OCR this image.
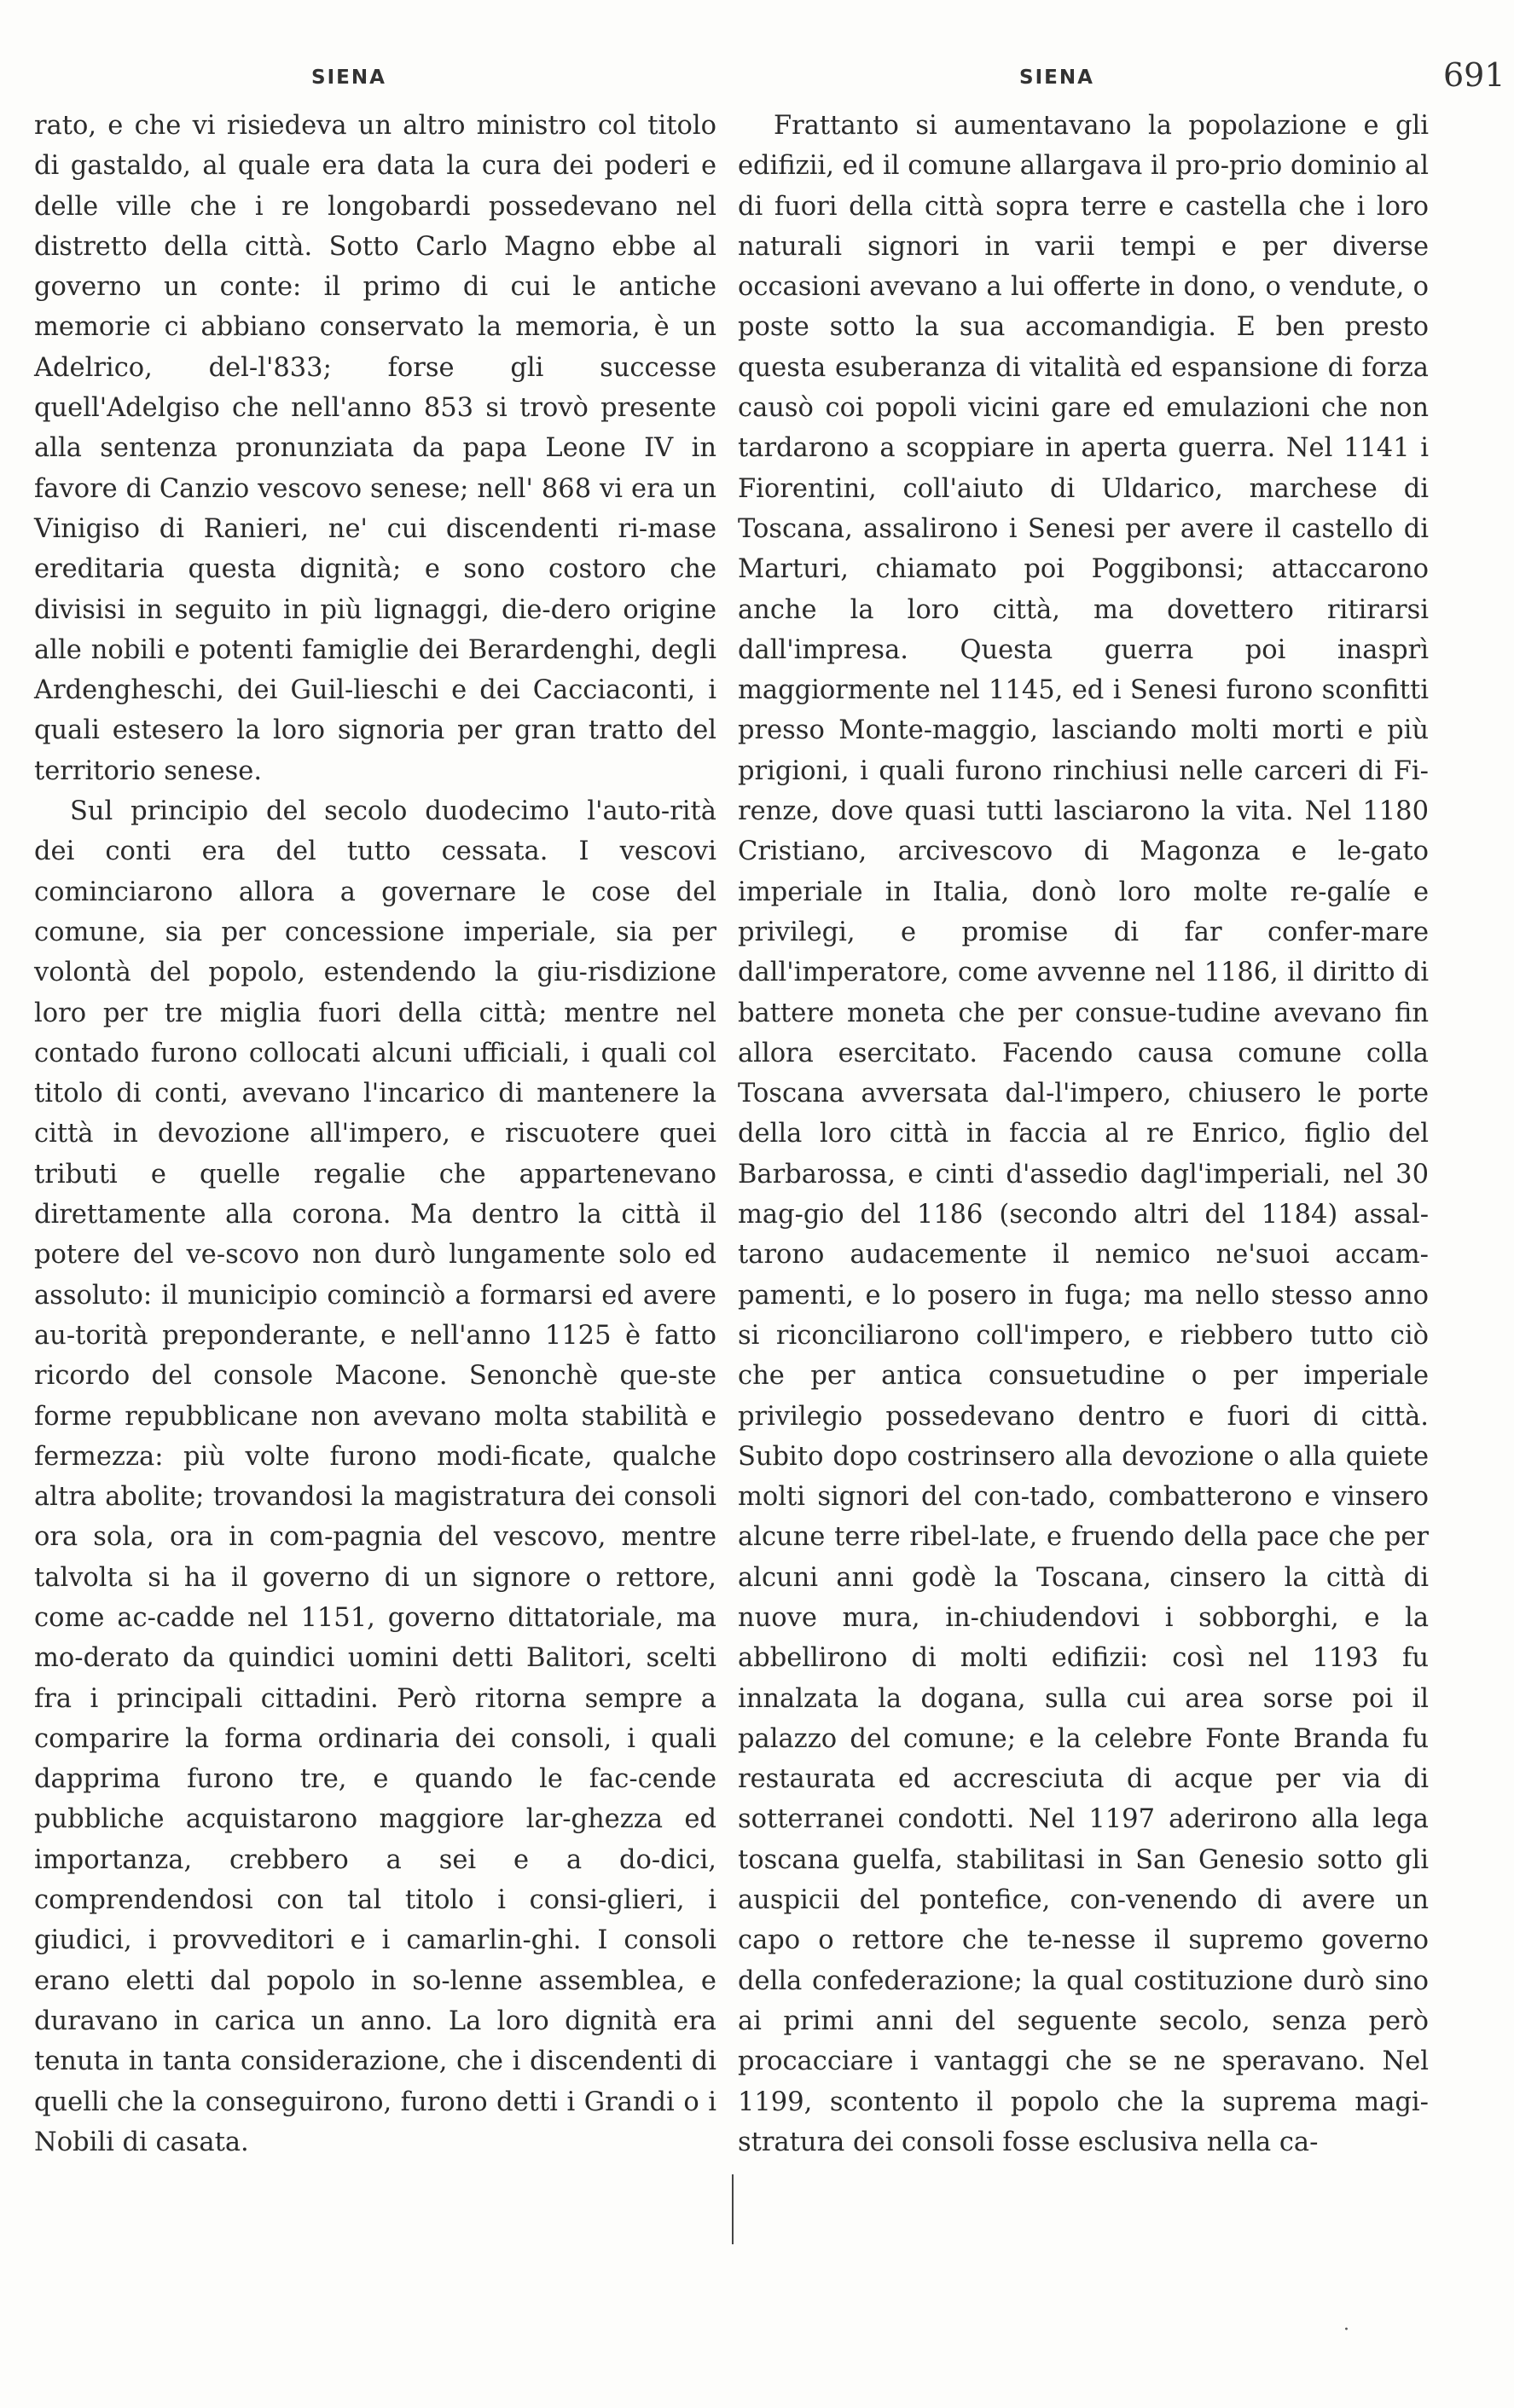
SIENA	SIENA	691

rato, e che vi risiedeva un altro ministro col titolo di gastaldo, al quale era data la cura dei poderi e delle ville che i re longobardi possedevano nel distretto della città. Sotto Carlo Magno ebbe al governo un conte: il primo di cui le antiche memorie ci abbiano conservato la memoria, è un Adelrico, del-l'833; forse gli successe quell'Adelgiso che nell'anno 853 si trovò presente alla sentenza pronunziata da papa Leone IV in favore di Canzio vescovo senese; nell' 868 vi era un Vinigiso di Ranieri, ne' cui discendenti ri-mase ereditaria questa dignità; e sono costoro che divisisi in seguito in più lignaggi, die-dero origine alle nobili e potenti famiglie dei Berardenghi, degli Ardengheschi, dei Guil-lieschi e dei Cacciaconti, i quali estesero la loro signoria per gran tratto del territorio senese.

Sul principio del secolo duodecimo l'auto-rità dei conti era del tutto cessata. I vescovi cominciarono allora a governare le cose del comune, sia per concessione imperiale, sia per volontà del popolo, estendendo la giu-risdizione loro per tre miglia fuori della città; mentre nel contado furono collocati alcuni ufficiali, i quali col titolo di conti, avevano l'incarico di mantenere la città in devozione all'impero, e riscuotere quei tributi e quelle regalie che appartenevano direttamente alla corona. Ma dentro la città il potere del ve-scovo non durò lungamente solo ed assoluto: il municipio cominciò a formarsi ed avere au-torità preponderante, e nell'anno 1125 è fatto ricordo del console Macone. Senonchè que-ste forme repubblicane non avevano molta stabilità e fermezza: più volte furono modi-ficate, qualche altra abolite; trovandosi la magistratura dei consoli ora sola, ora in com-pagnia del vescovo, mentre talvolta si ha il governo di un signore o rettore, come ac-cadde nel 1151, governo dittatoriale, ma mo-derato da quindici uomini detti Balitori, scelti fra i principali cittadini. Però ritorna sempre a comparire la forma ordinaria dei consoli, i quali dapprima furono tre, e quando le fac-cende pubbliche acquistarono maggiore lar-ghezza ed importanza, crebbero a sei e a do-dici, comprendendosi con tal titolo i consi-glieri, i giudici, i provveditori e i camarlin-ghi. I consoli erano eletti dal popolo in so-lenne assemblea, e duravano in carica un anno. La loro dignità era tenuta in tanta considerazione, che i discendenti di quelli che la conseguirono, furono detti i Grandi o i Nobili di casata.

Frattanto si aumentavano la popolazione e gli edifizii, ed il comune allargava il pro-prio dominio al di fuori della città sopra terre e castella che i loro naturali signori in varii tempi e per diverse occasioni avevano a lui offerte in dono, o vendute, o poste sotto la sua accomandigia. E ben presto questa esuberanza di vitalità ed espansione di forza causò coi popoli vicini gare ed emulazioni che non tardarono a scoppiare in aperta guerra. Nel 1141 i Fiorentini, coll'aiuto di Uldarico, marchese di Toscana, assalirono i Senesi per avere il castello di Marturi, chiamato poi Poggibonsi; attaccarono anche la loro città, ma dovettero ritirarsi dall'impresa. Questa guerra poi inasprì maggiormente nel 1145, ed i Senesi furono sconfitti presso Monte-maggio, lasciando molti morti e più prigioni, i quali furono rinchiusi nelle carceri di Fi-renze, dove quasi tutti lasciarono la vita. Nel 1180 Cristiano, arcivescovo di Magonza e le-gato imperiale in Italia, donò loro molte re-galíe e privilegi, e promise di far confer-mare dall'imperatore, come avvenne nel 1186, il diritto di battere moneta che per consue-tudine avevano fin allora esercitato. Facendo causa comune colla Toscana avversata dal-l'impero, chiusero le porte della loro città in faccia al re Enrico, figlio del Barbarossa, e cinti d'assedio dagl'imperiali, nel 30 mag-gio del 1186 (secondo altri del 1184) assal-tarono audacemente il nemico ne'suoi accam-pamenti, e lo posero in fuga; ma nello stesso anno si riconciliarono coll'impero, e riebbero tutto ciò che per antica consuetudine o per imperiale privilegio possedevano dentro e fuori di città. Subito dopo costrinsero alla devozione o alla quiete molti signori del con-tado, combatterono e vinsero alcune terre ribel-late, e fruendo della pace che per alcuni anni godè la Toscana, cinsero la città di nuove mura, in-chiudendovi i sobborghi, e la abbellirono di molti edifizii: così nel 1193 fu innalzata la dogana, sulla cui area sorse poi il palazzo del comune; e la celebre Fonte Branda fu restaurata ed accresciuta di acque per via di sotterranei condotti. Nel 1197 aderirono alla lega toscana guelfa, stabilitasi in San Genesio sotto gli auspicii del pontefice, con-venendo di avere un capo o rettore che te-nesse il supremo governo della confederazione; la qual costituzione durò sino ai primi anni del seguente secolo, senza però procacciare i vantaggi che se ne speravano. Nel 1199, scontento il popolo che la suprema magi-stratura dei consoli fosse esclusiva nella ca-

·
